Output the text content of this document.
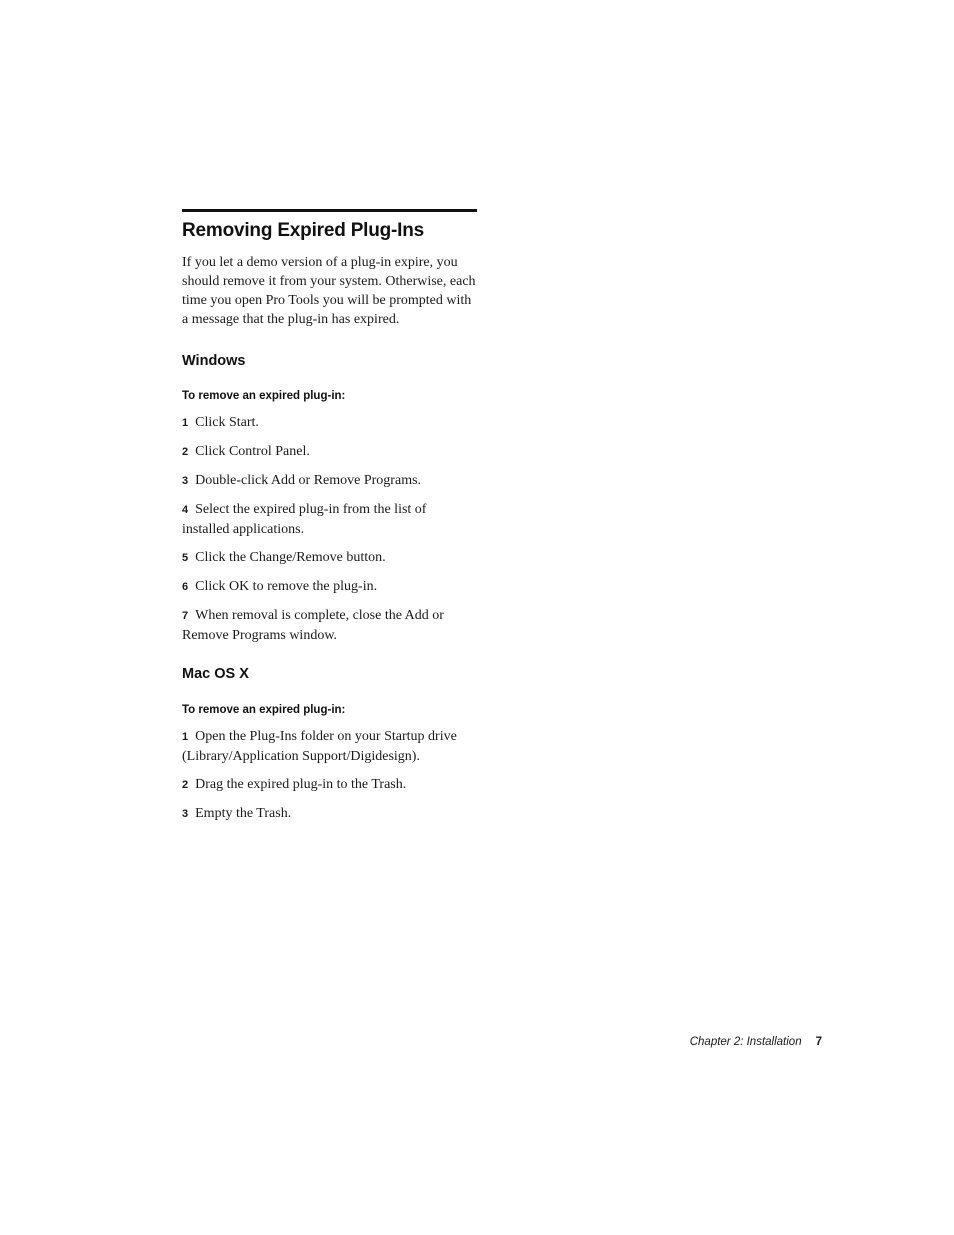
Removing Expired Plug-Ins

If you let a demo version of a plug-in expire, you should remove it from your system. Otherwise, each time you open Pro Tools you will be prompted with a message that the plug-in has expired.

Windows
To remove an expired plug-in:

1 Click Start.

2 Click Control Panel.

3 Double-click Add or Remove Programs.

4 Select the expired plug-in from the list of installed applications.

5 Click the Change/Remove button.

6 Click OK to remove the plug-in.

7 When removal is complete, close the Add or Remove Programs window.

Mac OS X
To remove an expired plug-in:

1 Open the Plug-Ins folder on your Startup drive (Library/Application Support/Digidesign).

2 Drag the expired plug-in to the Trash.

3 Empty the Trash.

Chapter 2: Installation 7
